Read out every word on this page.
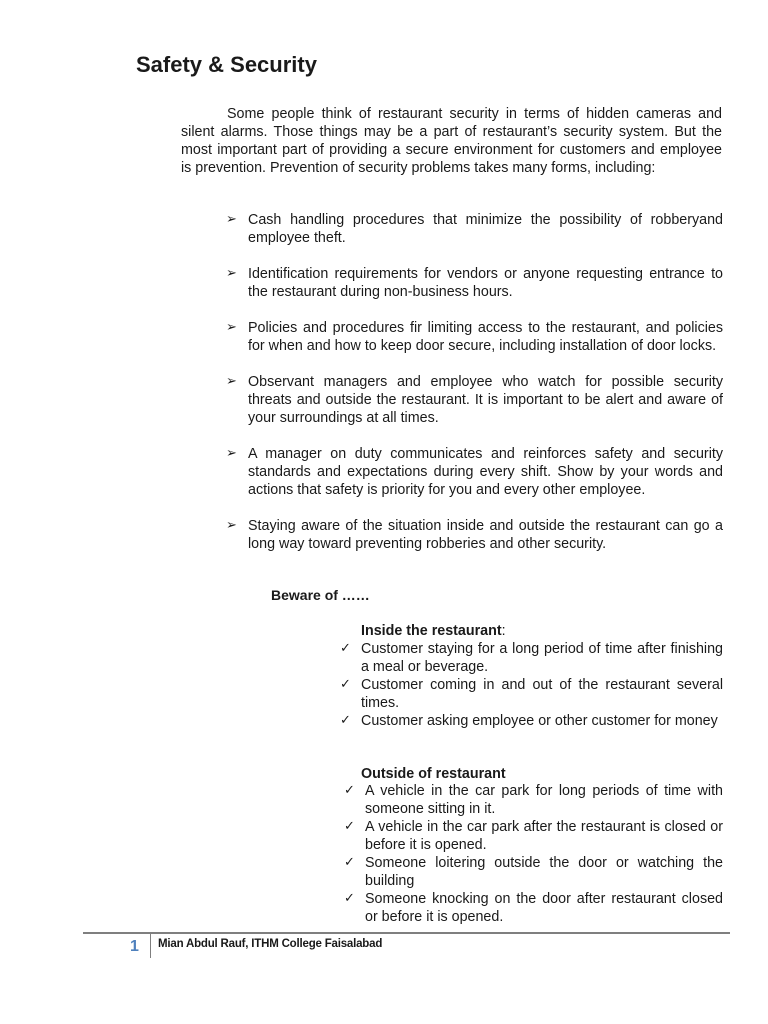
Safety & Security

Some people think of restaurant security in terms of hidden cameras and silent alarms. Those things may be a part of restaurant’s security system. But the most important part of providing a secure environment for customers and employee is prevention. Prevention of security problems takes many forms, including:

➢ Cash handling procedures that minimize the possibility of robberyand employee theft.
➢ Identification requirements for vendors or anyone requesting entrance to the restaurant during non-business hours.
➢ Policies and procedures fir limiting access to the restaurant, and policies for when and how to keep door secure, including installation of door locks.
➢ Observant managers and employee who watch for possible security threats and outside the restaurant. It is important to be alert and aware of your surroundings at all times.
➢ A manager on duty communicates and reinforces safety and security standards and expectations during every shift. Show by your words and actions that safety is priority for you and every other employee.
➢ Staying aware of the situation inside and outside the restaurant can go a long way toward preventing robberies and other security.

Beware of ……

Inside the restaurant:

✓ Customer staying for a long period of time after finishing a meal or beverage.
✓ Customer coming in and out of the restaurant several times.
✓ Customer asking employee or other customer for money

Outside of restaurant

✓ A vehicle in the car park for long periods of time with someone sitting in it.
✓ A vehicle in the car park after the restaurant is closed or before it is opened.
✓ Someone loitering outside the door or watching the building
✓ Someone knocking on the door after restaurant closed or before it is opened.
1 Mian Abdul Rauf, ITHM College Faisalabad
